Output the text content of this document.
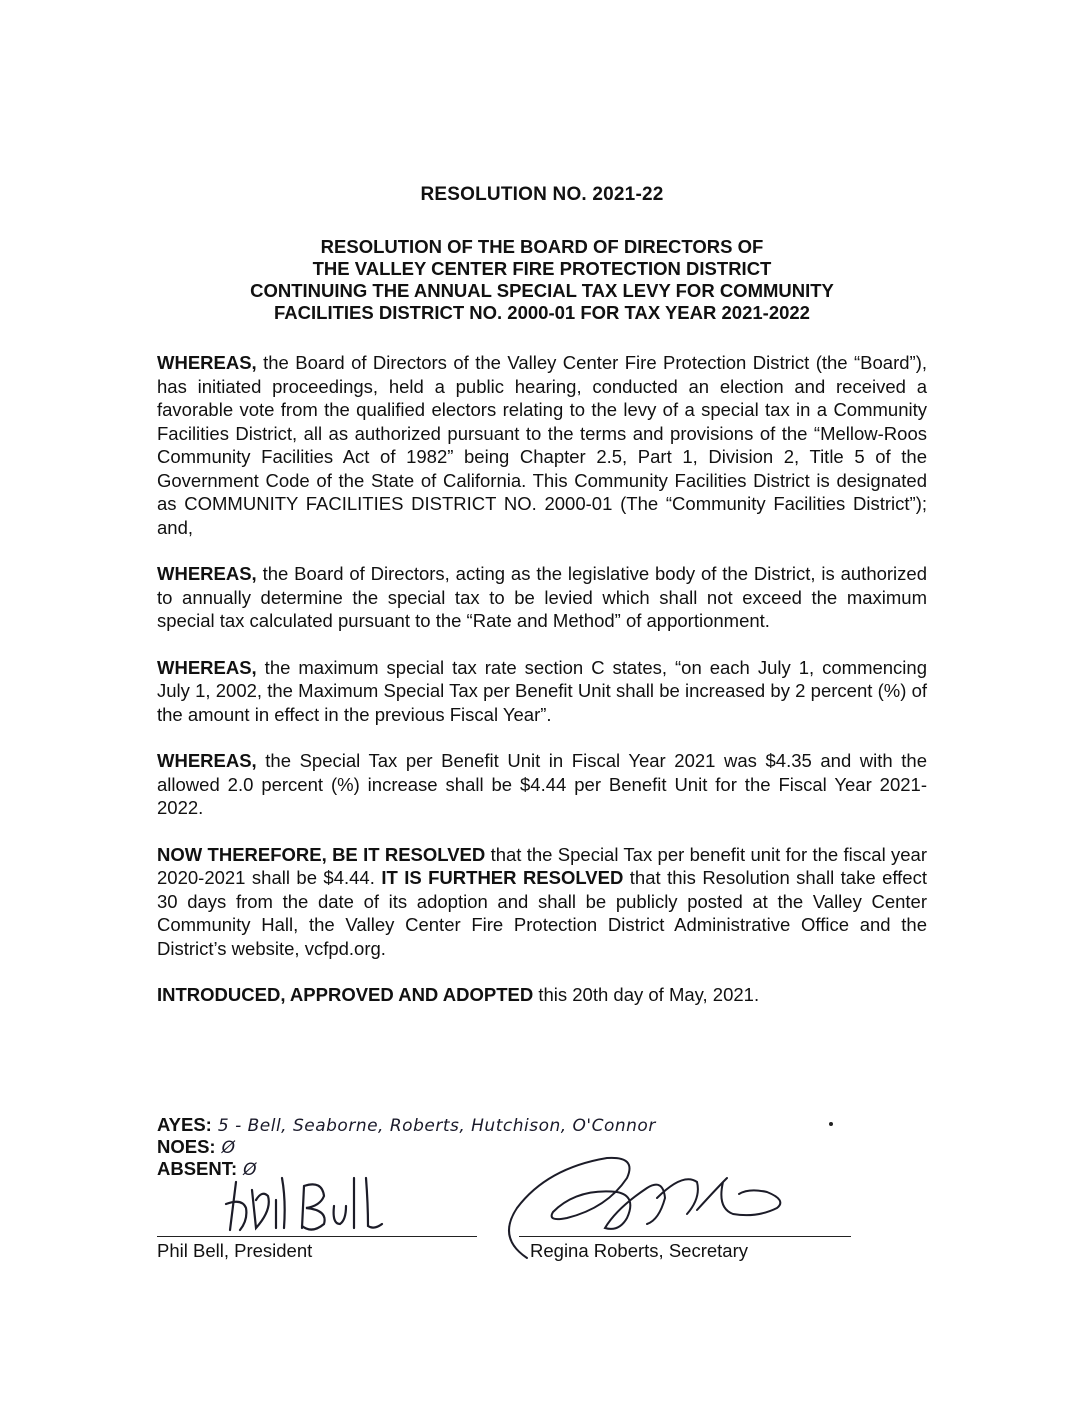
RESOLUTION NO. 2021-22
RESOLUTION OF THE BOARD OF DIRECTORS OF
THE VALLEY CENTER FIRE PROTECTION DISTRICT
CONTINUING THE ANNUAL SPECIAL TAX LEVY FOR COMMUNITY
FACILITIES DISTRICT NO. 2000-01 FOR TAX YEAR 2021-2022

WHEREAS, the Board of Directors of the Valley Center Fire Protection District (the “Board”), has initiated proceedings, held a public hearing, conducted an election and received a favorable vote from the qualified electors relating to the levy of a special tax in a Community Facilities District, all as authorized pursuant to the terms and provisions of the “Mellow-Roos Community Facilities Act of 1982” being Chapter 2.5, Part 1, Division 2, Title 5 of the Government Code of the State of California. This Community Facilities District is designated as COMMUNITY FACILITIES DISTRICT NO. 2000-01 (The “Community Facilities District”); and,

WHEREAS, the Board of Directors, acting as the legislative body of the District, is authorized to annually determine the special tax to be levied which shall not exceed the maximum special tax calculated pursuant to the “Rate and Method” of apportionment.

WHEREAS, the maximum special tax rate section C states, “on each July 1, commencing July 1, 2002, the Maximum Special Tax per Benefit Unit shall be increased by 2 percent (%) of the amount in effect in the previous Fiscal Year”.

WHEREAS, the Special Tax per Benefit Unit in Fiscal Year 2021 was $4.35 and with the allowed 2.0 percent (%) increase shall be $4.44 per Benefit Unit for the Fiscal Year 2021-2022.

NOW THEREFORE, BE IT RESOLVED that the Special Tax per benefit unit for the fiscal year 2020-2021 shall be $4.44. IT IS FURTHER RESOLVED that this Resolution shall take effect 30 days from the date of its adoption and shall be publicly posted at the Valley Center Community Hall, the Valley Center Fire Protection District Administrative Office and the District’s website, vcfpd.org.

INTRODUCED, APPROVED AND ADOPTED this 20th day of May, 2021.

AYES: 5 - Bell, Seaborne, Roberts, Hutchison, O'Connor
NOES: Ø
ABSENT: Ø
Phil Bell, President	Regina Roberts, Secretary
